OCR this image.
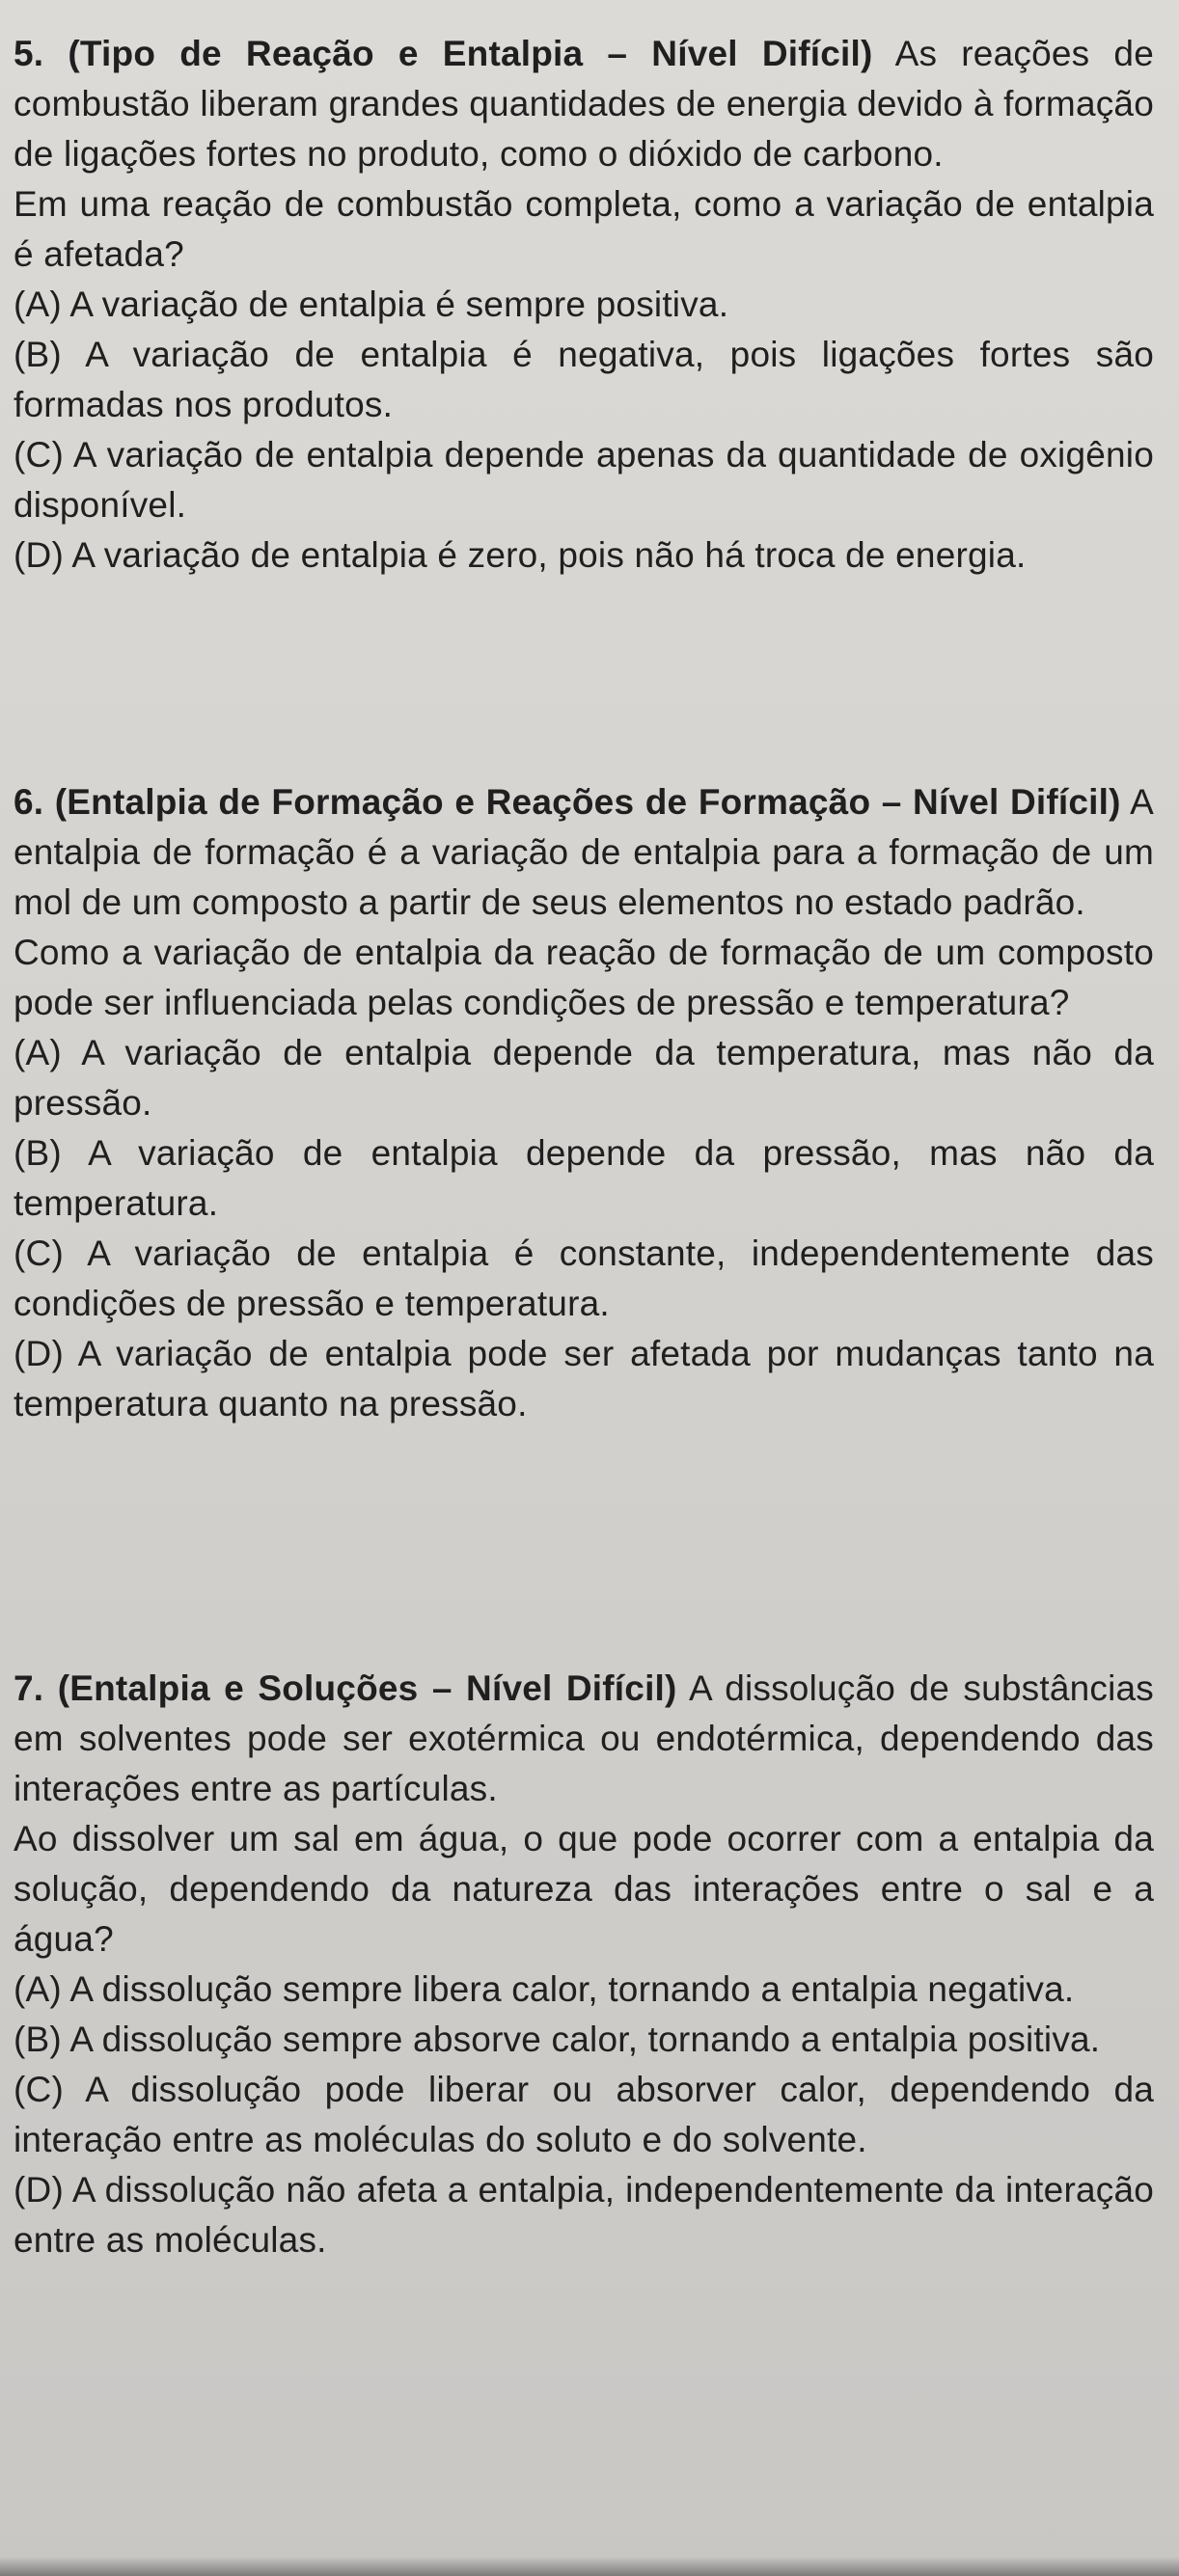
5. (Tipo de Reação e Entalpia – Nível Difícil) As reações de combustão liberam grandes quantidades de energia devido à formação de ligações fortes no produto, como o dióxido de carbono.

Em uma reação de combustão completa, como a variação de entalpia é afetada?

(A) A variação de entalpia é sempre positiva.

(B) A variação de entalpia é negativa, pois ligações fortes são formadas nos produtos.

(C) A variação de entalpia depende apenas da quantidade de oxigênio disponível.

(D) A variação de entalpia é zero, pois não há troca de energia.

6. (Entalpia de Formação e Reações de Formação – Nível Difícil) A entalpia de formação é a variação de entalpia para a formação de um mol de um composto a partir de seus elementos no estado padrão.

Como a variação de entalpia da reação de formação de um composto pode ser influenciada pelas condições de pressão e temperatura?

(A) A variação de entalpia depende da temperatura, mas não da pressão.

(B) A variação de entalpia depende da pressão, mas não da temperatura.

(C) A variação de entalpia é constante, independentemente das condições de pressão e temperatura.

(D) A variação de entalpia pode ser afetada por mudanças tanto na temperatura quanto na pressão.

7. (Entalpia e Soluções – Nível Difícil) A dissolução de substâncias em solventes pode ser exotérmica ou endotérmica, dependendo das interações entre as partículas.

Ao dissolver um sal em água, o que pode ocorrer com a entalpia da solução, dependendo da natureza das interações entre o sal e a água?

(A) A dissolução sempre libera calor, tornando a entalpia negativa.

(B) A dissolução sempre absorve calor, tornando a entalpia positiva.

(C) A dissolução pode liberar ou absorver calor, dependendo da interação entre as moléculas do soluto e do solvente.

(D) A dissolução não afeta a entalpia, independentemente da interação entre as moléculas.
